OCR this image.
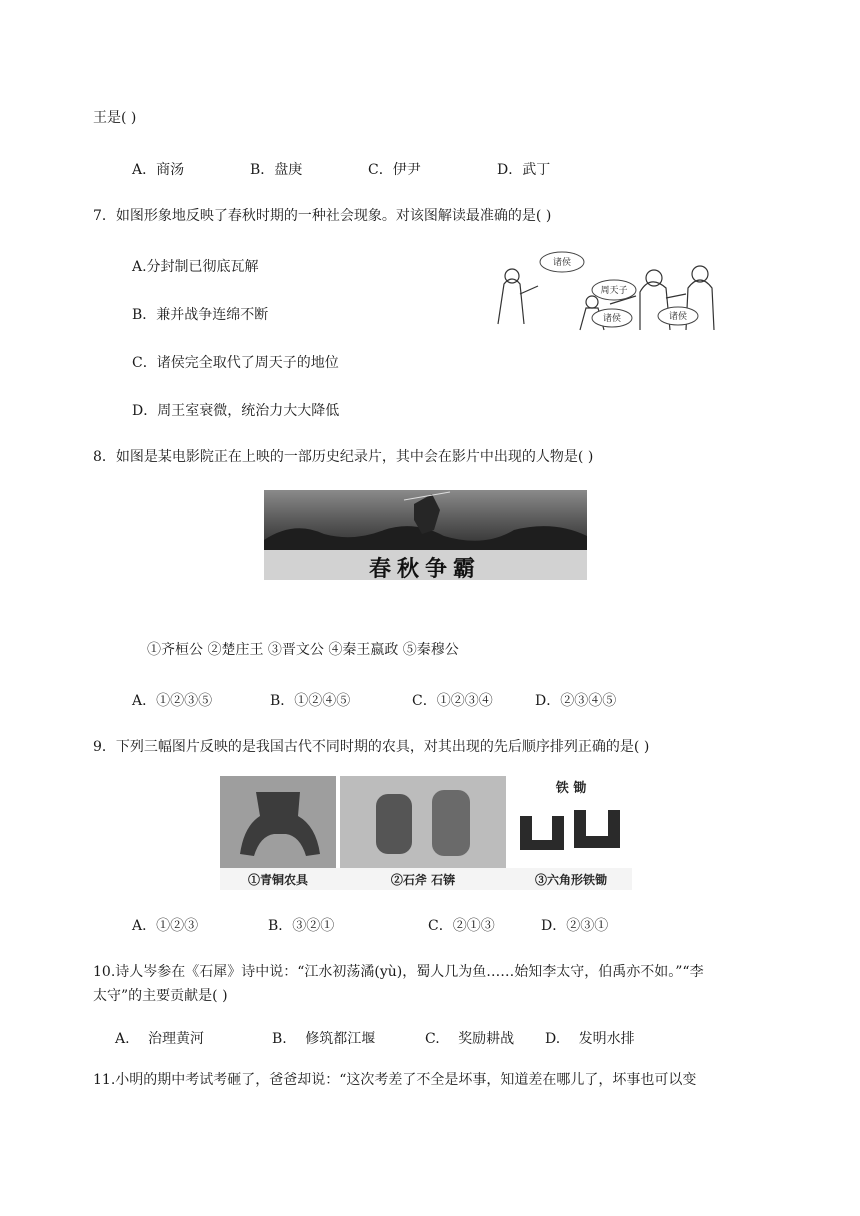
王是( )
A．商汤	B．盘庚	C．伊尹	D．武丁
7．如图形象地反映了春秋时期的一种社会现象。对该图解读最准确的是( )
A.分封制已彻底瓦解
B．兼并战争连绵不断
C．诸侯完全取代了周天子的地位
D．周王室衰微，统治力大大降低
诸侯
周天子
诸侯	诸侯
8．如图是某电影院正在上映的一部历史纪录片，其中会在影片中出现的人物是( )
春秋争霸
①齐桓公 ②楚庄王 ③晋文公 ④秦王嬴政 ⑤秦穆公
A．①②③⑤	B．①②④⑤	C．①②③④	D．②③④⑤
9．下列三幅图片反映的是我国古代不同时期的农具，对其出现的先后顺序排列正确的是( )
铁 锄
①青铜农具	②石斧 石锛	③六角形铁锄
A．①②③	B．③②①	C．②①③	D．②③①
10.诗人岑参在《石犀》诗中说：“江水初荡潏(yù)，蜀人几为鱼……始知李太守，伯禹亦不如。”“李
太守”的主要贡献是( )
A.　 治理黄河	B.　 修筑都江堰	C.　 奖励耕战 D.　 发明水排
11.小明的期中考试考砸了，爸爸却说：“这次考差了不全是坏事，知道差在哪儿了，坏事也可以变
